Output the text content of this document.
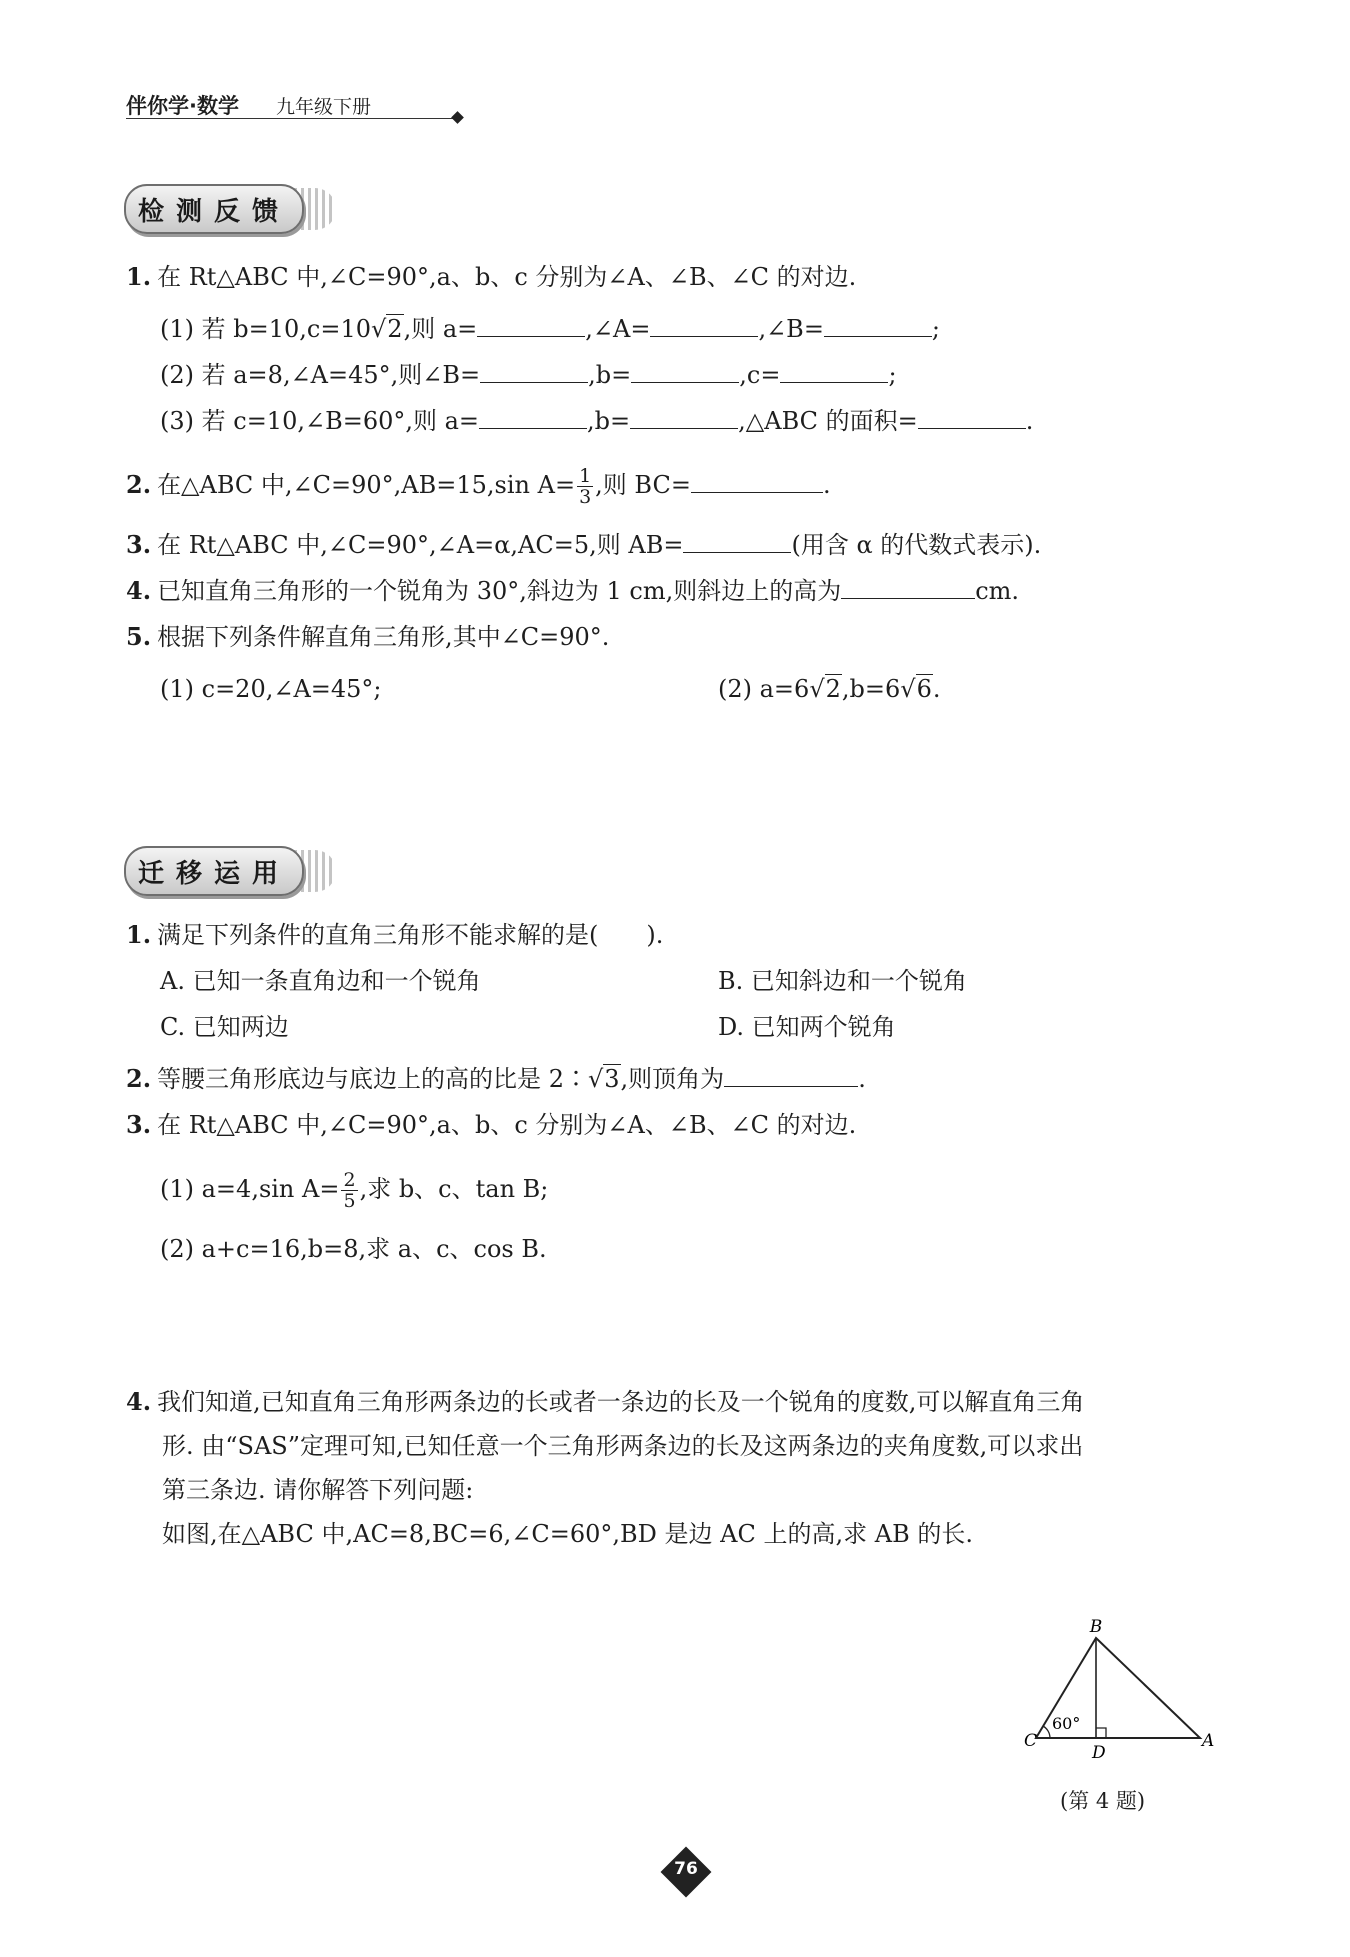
伴你学·数学 九年级下册
检测反馈
1. 在 Rt△ABC 中,∠C=90°,a、b、c 分别为∠A、∠B、∠C 的对边.
(1) 若 b=10,c=10√2,则 a=	,∠A=	,∠B=	;
(2) 若 a=8,∠A=45°,则∠B=	,b=	,c=	;
(3) 若 c=10,∠B=60°,则 a=	,b=	,△ABC 的面积=	.
2. 在△ABC 中,∠C=90°,AB=15,sin $A= \frac{1}{3}$ ,则 BC=	.
3. 在 Rt△ABC 中,∠C=90°,∠A=α,AC=5,则 AB=	(用含 α 的代数式表示).
4. 已知直角三角形的一个锐角为 30°,斜边为 1 cm,则斜边上的高为	cm.
5. 根据下列条件解直角三角形,其中∠C=90°.
(1) c=20,∠A=45°;	(2) a=6√2,b=6√6.
迁移运用
1. 满足下列条件的直角三角形不能求解的是(　　).
A. 已知一条直角边和一个锐角	B. 已知斜边和一个锐角
C. 已知两边	D. 已知两个锐角
2. 等腰三角形底边与底边上的高的比是 2∶√3,则顶角为	.
3. 在 Rt△ABC 中,∠C=90°,a、b、c 分别为∠A、∠B、∠C 的对边.
(1) a=4,sin $A= \frac{2}{5}$ ,求 b、c、tan B;
(2) a+c=16,b=8,求 a、c、cos B.
4. 我们知道,已知直角三角形两条边的长或者一条边的长及一个锐角的度数,可以解直角三角
形. 由“SAS”定理可知,已知任意一个三角形两条边的长及这两条边的夹角度数,可以求出
第三条边. 请你解答下列问题:
如图,在△ABC 中,AC=8,BC=6,∠C=60°,BD 是边 AC 上的高,求 AB 的长.
B
C
D
A
60°
(第 4 题)
76
